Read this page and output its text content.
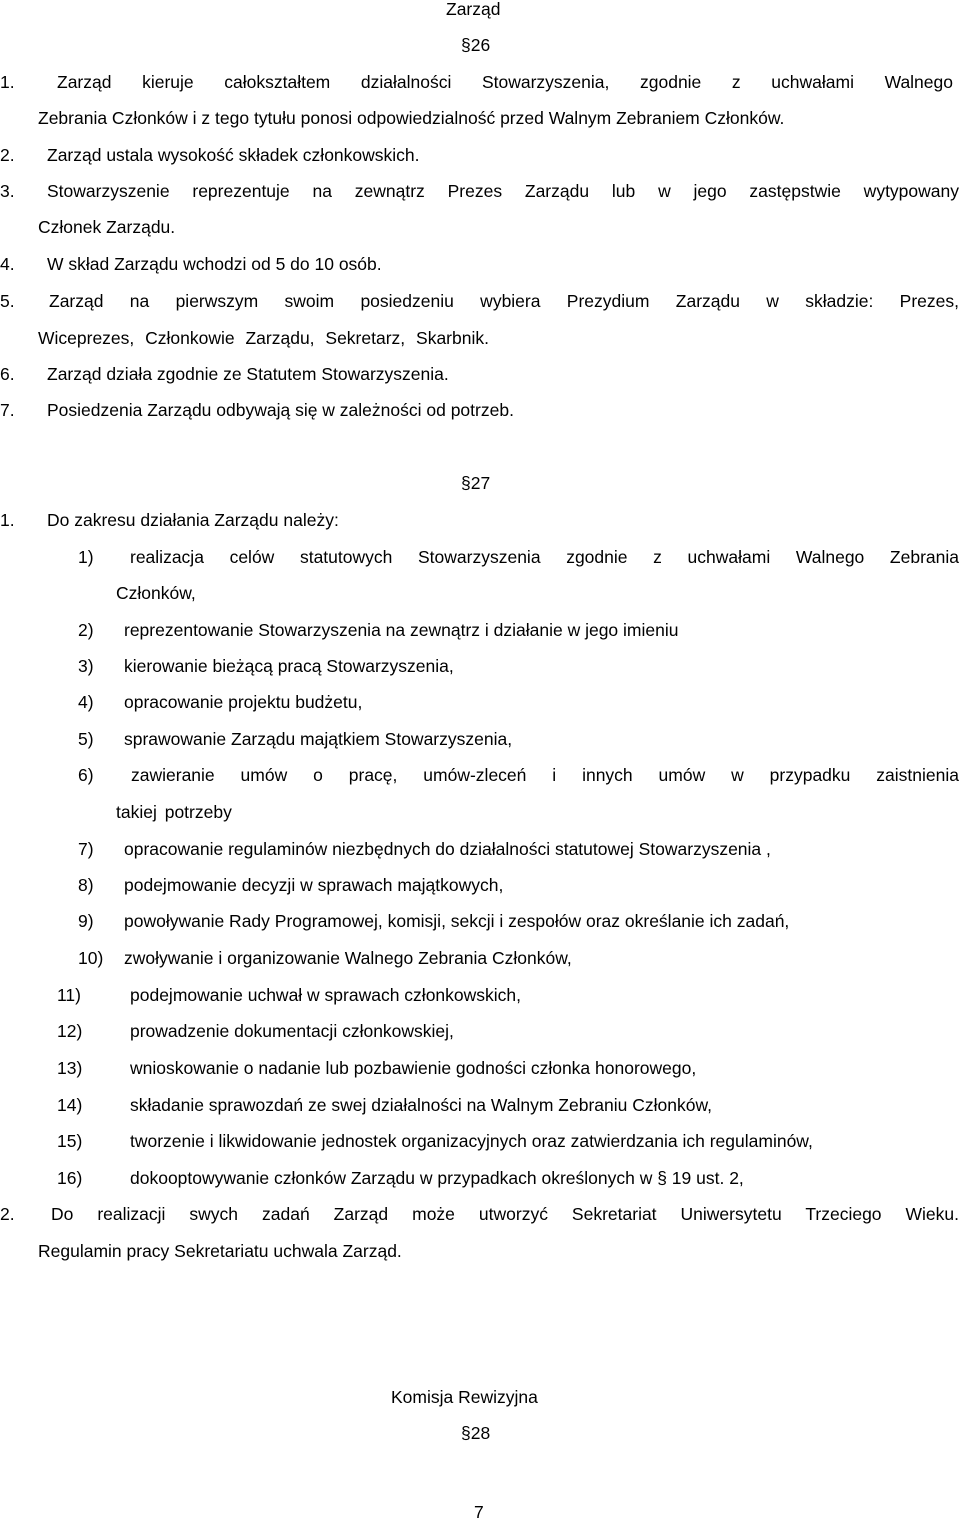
Zarząd
§26
1. Zarząd kieruje całokształtem działalności Stowarzyszenia, zgodnie z uchwałami Walnego
Zebrania Członków i z tego tytułu ponosi odpowiedzialność przed Walnym Zebraniem Członków.
2. Zarząd ustala wysokość składek członkowskich.
3. Stowarzyszenie reprezentuje na zewnątrz Prezes Zarządu lub w jego zastępstwie wytypowany
Członek Zarządu.
4. W skład Zarządu wchodzi od 5 do 10 osób.
5. Zarząd na pierwszym swoim posiedzeniu wybiera Prezydium Zarządu w składzie: Prezes,
Wiceprezes, Członkowie Zarządu, Sekretarz, Skarbnik.
6. Zarząd działa zgodnie ze Statutem Stowarzyszenia.
7. Posiedzenia Zarządu odbywają się w zależności od potrzeb.
§27
1. Do zakresu działania Zarządu należy:
1) realizacja celów statutowych Stowarzyszenia zgodnie z uchwałami Walnego Zebrania
Członków,
2) reprezentowanie Stowarzyszenia na zewnątrz i działanie w jego imieniu
3) kierowanie bieżącą pracą Stowarzyszenia,
4) opracowanie projektu budżetu,
5) sprawowanie Zarządu majątkiem Stowarzyszenia,
6) zawieranie umów o pracę, umów-zleceń i innych umów w przypadku zaistnienia
takiej potrzeby
7) opracowanie regulaminów niezbędnych do działalności statutowej Stowarzyszenia ,
8) podejmowanie decyzji w sprawach majątkowych,
9) powoływanie Rady Programowej, komisji, sekcji i zespołów oraz określanie ich zadań,
10) zwoływanie i organizowanie Walnego Zebrania Członków,
11)	podejmowanie uchwał w sprawach członkowskich,
12)	prowadzenie dokumentacji członkowskiej,
13)	wnioskowanie o nadanie lub pozbawienie godności członka honorowego,
14)	składanie sprawozdań ze swej działalności na Walnym Zebraniu Członków,
15)	tworzenie i likwidowanie jednostek organizacyjnych oraz zatwierdzania ich regulaminów,
16)	dokooptowywanie członków Zarządu w przypadkach określonych w § 19 ust. 2,
2. Do realizacji swych zadań Zarząd może utworzyć Sekretariat Uniwersytetu Trzeciego Wieku.
Regulamin pracy Sekretariatu uchwala Zarząd.
Komisja Rewizyjna
§28
7
